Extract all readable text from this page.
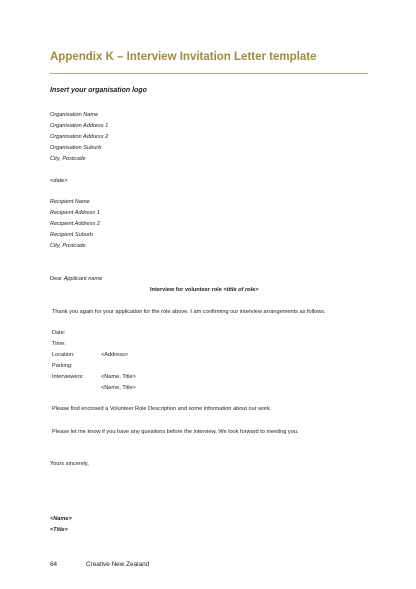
Appendix K – Interview Invitation Letter template
Insert your organisation logo
Organisation Name
Organisation Address 1
Organisation Address 2
Organisation Suburb
City, Postcode
<date>
Recipient Name
Recipient Address 1
Recipient Address 2
Recipient Suburb
City, Postcode
Dear Applicant name
Interview for volunteer role <title of role>
Thank you again for your application for the role above. I am confirming our interview arrangements as follows.
Date:
Time:
Location:	<Address>
Parking:
Interviewers:	<Name, Title>
<Name, Title>
Please find enclosed a Volunteer Role Description and some information about our work.
Please let me know if you have any questions before the interview. We look forward to meeting you.
Yours sincerely,
<Name>
<Title>
64	Creative New Zealand
